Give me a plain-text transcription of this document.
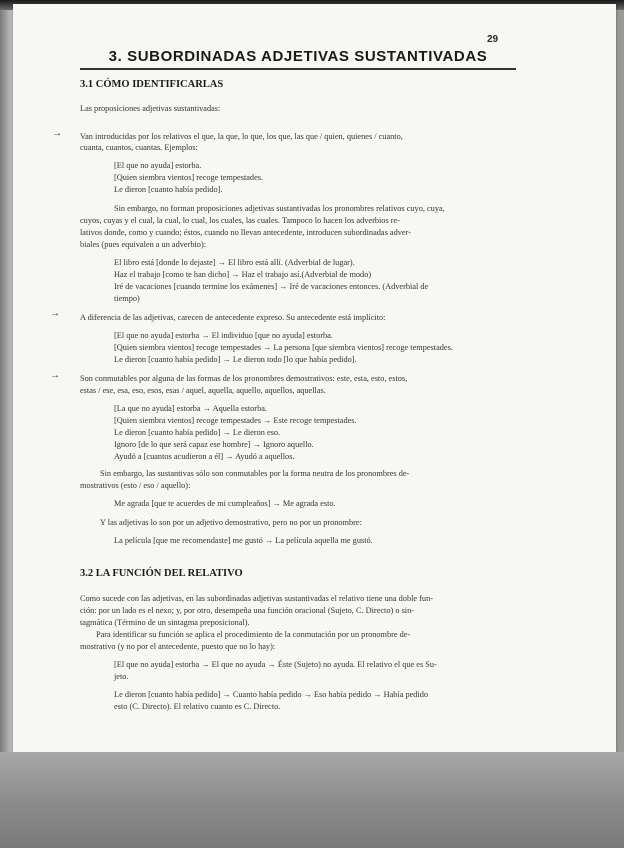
29
3. SUBORDINADAS ADJETIVAS SUSTANTIVADAS
3.1 CÓMO IDENTIFICARLAS
Las proposiciones adjetivas sustantivadas:
→ Van introducidas por los relativos el que, la que, lo que, los que, las que / quien, quienes / cuanto,
cuanta, cuantos, cuantas. Ejemplos:
[El que no ayuda] estorba.
[Quien siembra vientos] recoge tempestades.
Le dieron [cuanto había pedido].
Sin embargo, no forman proposiciones adjetivas sustantivadas los pronombres relativos cuyo, cuya,
cuyos, cuyas y el cual, la cual, lo cual, los cuales, las cuales. Tampoco lo hacen los adverbios re-
lativos donde, como y cuando; éstos, cuando no llevan antecedente, introducen subordinadas adver-
biales (pues equivalen a un adverbio):
El libro está [donde lo dejaste] → El libro está allí. (Adverbial de lugar).
Haz el trabajo [como te han dicho] → Haz el trabajo así.(Adverbial de modo)
Iré de vacaciones [cuando termine los exámenes] → Iré de vacaciones entonces. (Adverbial de
tiempo)
→ A diferencia de las adjetivas, carecen de antecedente expreso. Su antecedente está implícito:
[El que no ayuda] estorba → El individuo [que no ayuda] estorba.
[Quien siembra vientos] recoge tempestades → La persona [que siembra vientos] recoge tempestades.
Le dieron [cuanto había pedido] → Le dieron todo [lo que había pedido].
→ Son conmutables por alguna de las formas de los pronombres demostrativos: este, esta, esto, estos,
estas / ese, esa, eso, esos, esas / aquel, aquella, aquello, aquellos, aquellas.
[La que no ayuda] estorba → Aquella estorba.
[Quien siembra vientos] recoge tempestades → Este recoge tempestades.
Le dieron [cuanto había pedido] → Le dieron eso.
Ignoro [de lo que será capaz ese hombre] → Ignoro aquello.
Ayudó a [cuantos acudieron a él] → Ayudó a aquellos.
Sin embargo, las sustantivas sólo son conmutables por la forma neutra de los pronombres de-
mostrativos (esto / eso / aquello):
Me agrada [que te acuerdes de mi cumpleaños] → Me agrada esto.
Y las adjetivas lo son por un adjetivo demostrativo, pero no por un pronombre:
La película [que me recomendaste] me gustó → La película aquella me gustó.
3.2 LA FUNCIÓN DEL RELATIVO
Como sucede con las adjetivas, en las subordinadas adjetivas sustantivadas el relativo tiene una doble fun-
ción: por un lado es el nexo; y, por otro, desempeña una función oracional (Sujeto, C. Directo) o sin-
tagmática (Término de un sintagma preposicional).
Para identificar su función se aplica el procedimiento de la conmutación por un pronombre de-
mostrativo (y no por el antecedente, puesto que no lo hay):
[El que no ayuda] estorba → El que no ayuda → Éste (Sujeto) no ayuda. El relativo el que es Su-
jeto.
Le dieron [cuanto había pedido] → Cuanto había pedido → Eso había pedido → Había pedido
esto (C. Directo). El relativo cuanto es C. Directo.
